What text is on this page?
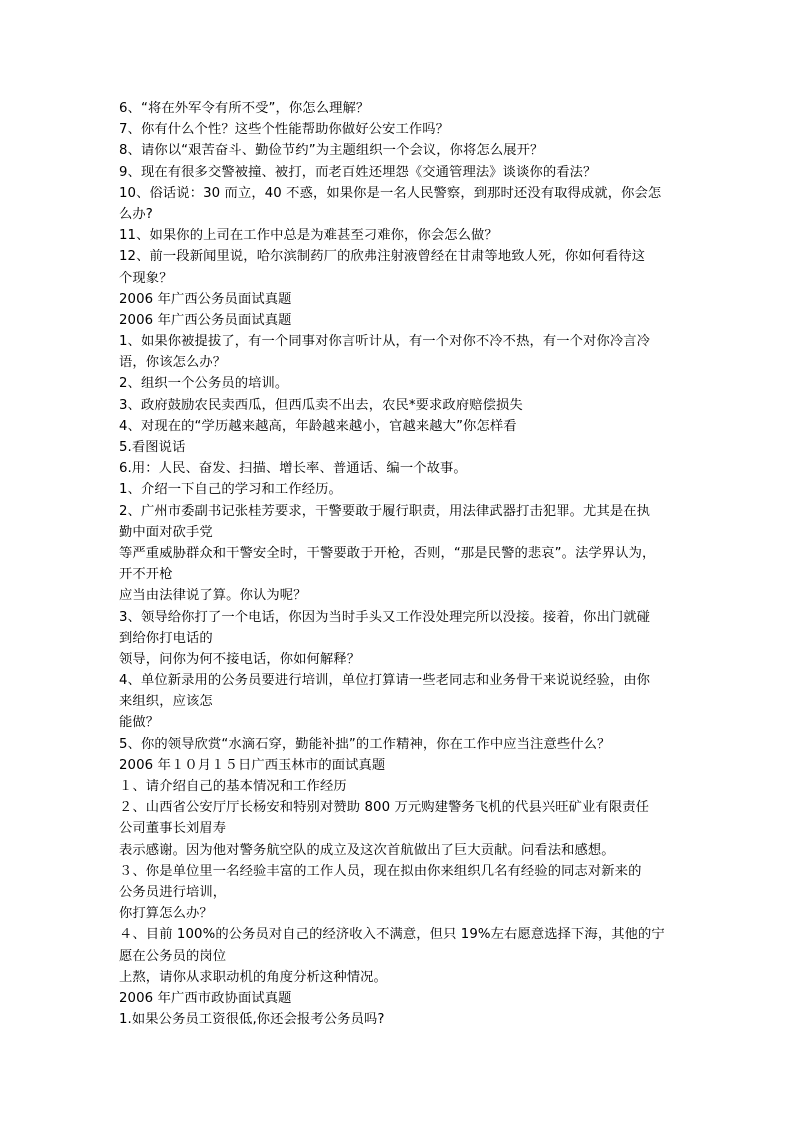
6、“将在外军令有所不受”，你怎么理解？
7、你有什么个性？这些个性能帮助你做好公安工作吗？
8、请你以“艰苦奋斗、勤俭节约”为主题组织一个会议，你将怎么展开？
9、现在有很多交警被撞、被打，而老百姓还埋怨《交通管理法》谈谈你的看法？
10、俗话说：30 而立，40 不惑，如果你是一名人民警察，到那时还没有取得成就，你会怎
么办?
11、如果你的上司在工作中总是为难甚至刁难你，你会怎么做？
12、前一段新闻里说，哈尔滨制药厂的欣弗注射液曾经在甘肃等地致人死，你如何看待这
个现象？
2006 年广西公务员面试真题
2006 年广西公务员面试真题
1、如果你被提拔了，有一个同事对你言听计从，有一个对你不冷不热，有一个对你冷言冷
语，你该怎么办？
2、组织一个公务员的培训。
3、政府鼓励农民卖西瓜，但西瓜卖不出去，农民*要求政府赔偿损失
4、对现在的“学历越来越高，年龄越来越小，官越来越大”你怎样看
5.看图说话
6.用：人民、奋发、扫描、增长率、普通话、编一个故事。
1、介绍一下自己的学习和工作经历。
2、广州市委副书记张桂芳要求，干警要敢于履行职责，用法律武器打击犯罪。尤其是在执
勤中面对砍手党
等严重威胁群众和干警安全时，干警要敢于开枪，否则，“那是民警的悲哀”。法学界认为，
开不开枪
应当由法律说了算。你认为呢？
3、领导给你打了一个电话，你因为当时手头又工作没处理完所以没接。接着，你出门就碰
到给你打电话的
领导，问你为何不接电话，你如何解释？
4、单位新录用的公务员要进行培训，单位打算请一些老同志和业务骨干来说说经验，由你
来组织，应该怎
能做？
5、你的领导欣赏“水滴石穿，勤能补拙”的工作精神，你在工作中应当注意些什么？
2006 年１０月１５日广西玉林市的面试真题
１、请介绍自己的基本情况和工作经历
２、山西省公安厅厅长杨安和特别对赞助 800 万元购建警务飞机的代县兴旺矿业有限责任
公司董事长刘眉寿
表示感谢。因为他对警务航空队的成立及这次首航做出了巨大贡献。问看法和感想。
３、你是单位里一名经验丰富的工作人员，现在拟由你来组织几名有经验的同志对新来的
公务员进行培训，
你打算怎么办？
４、目前 100%的公务员对自己的经济收入不满意，但只 19%左右愿意选择下海，其他的宁
愿在公务员的岗位
上熬，请你从求职动机的角度分析这种情况。
2006 年广西市政协面试真题
1.如果公务员工资很低,你还会报考公务员吗?
